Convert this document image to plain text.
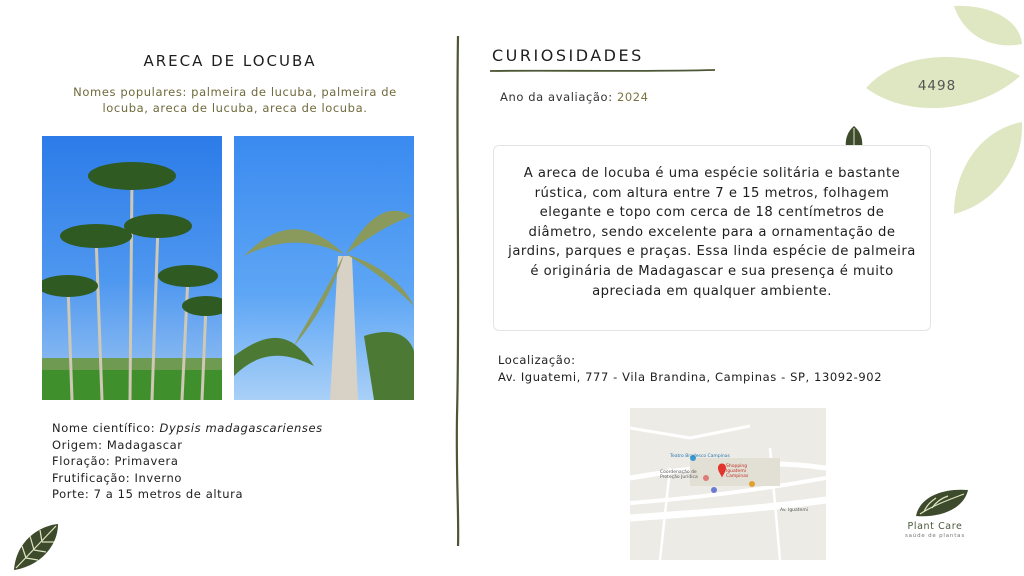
ARECA DE LOCUBA
Nomes populares: palmeira de lucuba, palmeira de locuba, areca de lucuba, areca de locuba.
Nome científico: Dypsis madagascarienses
Origem: Madagascar
Floração: Primavera
Frutificação: Inverno
Porte: 7 a 15 metros de altura
CURIOSIDADES
Ano da avaliação: 2024

A areca de locuba é uma espécie solitária e bastante rústica, com altura entre 7 e 15 metros, folhagem elegante e topo com cerca de 18 centímetros de diâmetro, sendo excelente para a ornamentação de jardins, parques e praças. Essa linda espécie de palmeira é originária de Madagascar e sua presença é muito apreciada em qualquer ambiente.

Localização:
Av. Iguatemi, 777 - Vila Brandina, Campinas - SP, 13092-902
Teatro Bradesco Campinas
Shopping Iguatemi Campinas
Coordenação de Proteção Jurídica
Av. Iguatemi
4498
Plant Care
saúde de plantas
